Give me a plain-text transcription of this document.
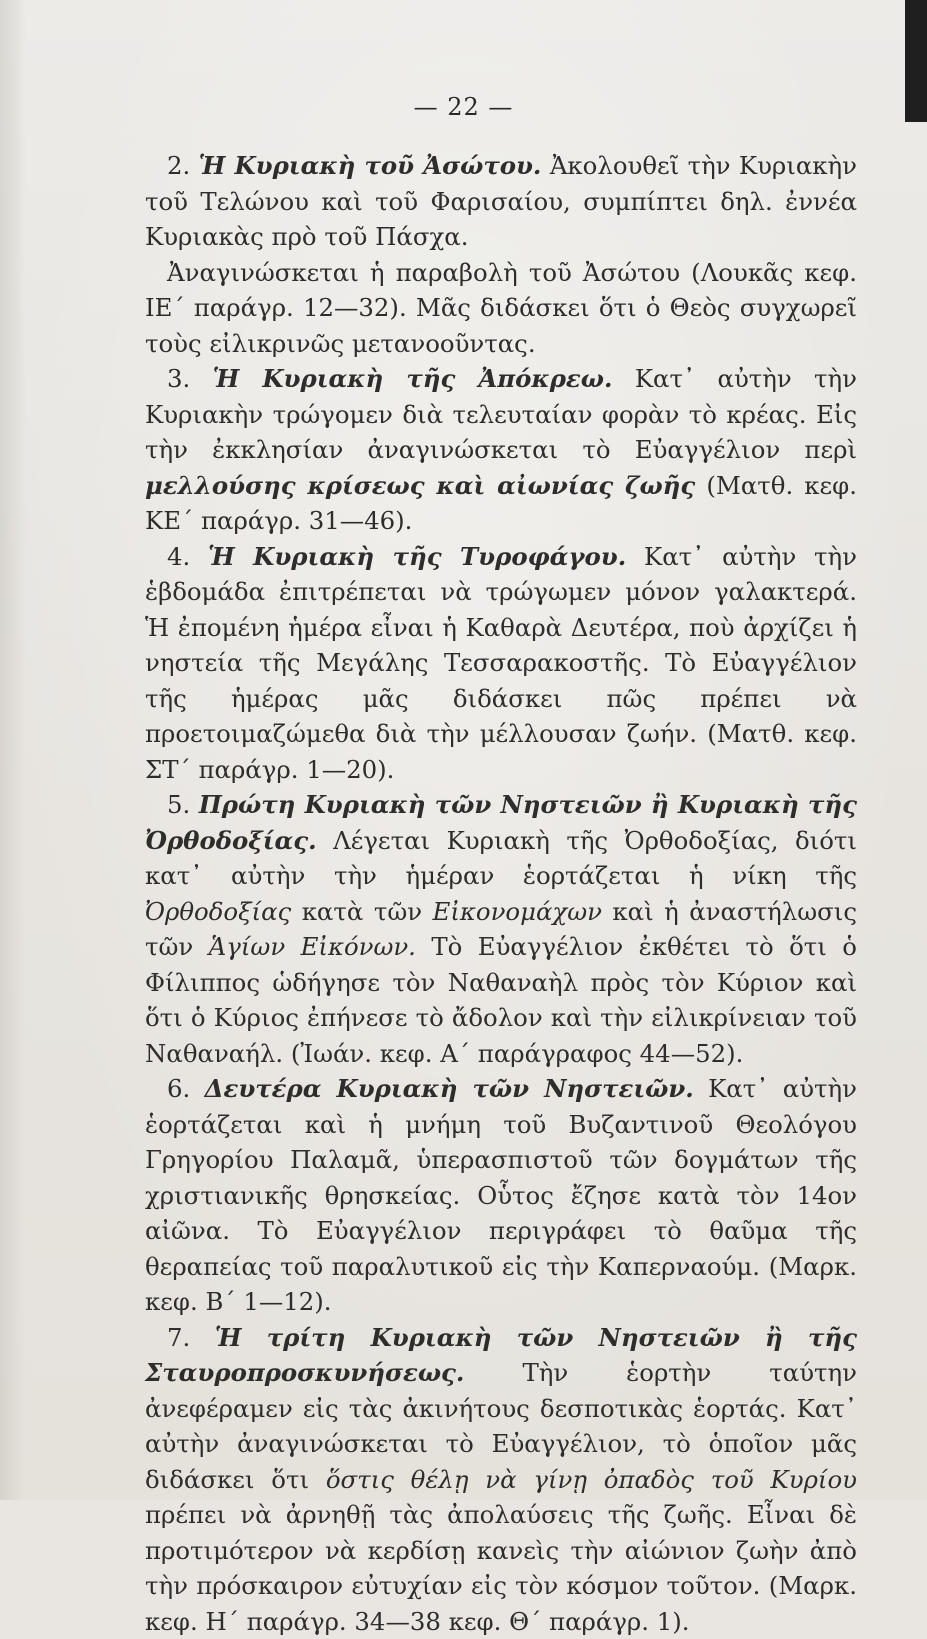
— 22 —

2. Ἡ Κυριακὴ τοῦ Ἀσώτου. Ἀκολουθεῖ τὴν Κυριακὴν τοῦ Τελώνου καὶ τοῦ Φαρισαίου, συμπίπτει δηλ. ἐννέα Κυριακὰς πρὸ τοῦ Πάσχα.

Ἀναγινώσκεται ἡ παραβολὴ τοῦ Ἀσώτου (Λουκᾶς κεφ. ΙΕ΄ παράγρ. 12—32). Μᾶς διδάσκει ὅτι ὁ Θεὸς συγχωρεῖ τοὺς εἰλικρινῶς μετανοοῦντας.

3. Ἡ Κυριακὴ τῆς Ἀπόκρεω. Κατ᾽ αὐτὴν τὴν Κυριακὴν τρώγομεν διὰ τελευταίαν φορὰν τὸ κρέας. Εἰς τὴν ἐκκλησίαν ἀναγινώσκεται τὸ Εὐαγγέλιον περὶ μελλούσης κρίσεως καὶ αἰωνίας ζωῆς (Ματθ. κεφ. ΚΕ΄ παράγρ. 31—46).

4. Ἡ Κυριακὴ τῆς Τυροφάγου. Κατ᾽ αὐτὴν τὴν ἑβδομάδα ἐπιτρέπεται νὰ τρώγωμεν μόνον γαλακτερά. Ἡ ἐπομένη ἡμέρα εἶναι ἡ Καθαρὰ Δευτέρα, ποὺ ἀρχίζει ἡ νηστεία τῆς Μεγάλης Τεσσαρακοστῆς. Τὸ Εὐαγγέλιον τῆς ἡμέρας μᾶς διδάσκει πῶς πρέπει νὰ προετοιμαζώμεθα διὰ τὴν μέλλουσαν ζωήν. (Ματθ. κεφ. ΣΤ΄ παράγρ. 1—20).

5. Πρώτη Κυριακὴ τῶν Νηστειῶν ἢ Κυριακὴ τῆς Ὀρθοδοξίας. Λέγεται Κυριακὴ τῆς Ὀρθοδοξίας, διότι κατ᾽ αὐτὴν τὴν ἡμέραν ἑορτάζεται ἡ νίκη τῆς Ὀρθοδοξίας κατὰ τῶν Εἰκονομάχων καὶ ἡ ἀναστήλωσις τῶν Ἁγίων Εἰκόνων. Τὸ Εὐαγγέλιον ἐκθέτει τὸ ὅτι ὁ Φίλιππος ὡδήγησε τὸν Ναθαναὴλ πρὸς τὸν Κύριον καὶ ὅτι ὁ Κύριος ἐπήνεσε τὸ ἄδολον καὶ τὴν εἰλικρίνειαν τοῦ Ναθαναήλ. (Ἰωάν. κεφ. Α΄ παράγραφος 44—52).

6. Δευτέρα Κυριακὴ τῶν Νηστειῶν. Κατ᾽ αὐτὴν ἑορτάζεται καὶ ἡ μνήμη τοῦ Βυζαντινοῦ Θεολόγου Γρηγορίου Παλαμᾶ, ὑπερασπιστοῦ τῶν δογμάτων τῆς χριστιανικῆς θρησκείας. Οὗτος ἔζησε κατὰ τὸν 14ον αἰῶνα. Τὸ Εὐαγγέλιον περιγράφει τὸ θαῦμα τῆς θεραπείας τοῦ παραλυτικοῦ εἰς τὴν Καπερναούμ. (Μαρκ. κεφ. Β΄ 1—12).

7. Ἡ τρίτη Κυριακὴ τῶν Νηστειῶν ἢ τῆς Σταυροπροσκυνήσεως. Τὴν ἑορτὴν ταύτην ἀνεφέραμεν εἰς τὰς ἀκινήτους δεσποτικὰς ἑορτάς. Κατ᾽ αὐτὴν ἀναγινώσκεται τὸ Εὐαγγέλιον, τὸ ὁποῖον μᾶς διδάσκει ὅτι ὅστις θέλῃ νὰ γίνῃ ὀπαδὸς τοῦ Κυρίου πρέπει νὰ ἀρνηθῇ τὰς ἀπολαύσεις τῆς ζωῆς. Εἶναι δὲ προτιμότερον νὰ κερδίσῃ κανεὶς τὴν αἰώνιον ζωὴν ἀπὸ τὴν πρόσκαιρον εὐτυχίαν εἰς τὸν κόσμον τοῦτον. (Μαρκ. κεφ. Η΄ παράγρ. 34—38 κεφ. Θ΄ παράγρ. 1).
